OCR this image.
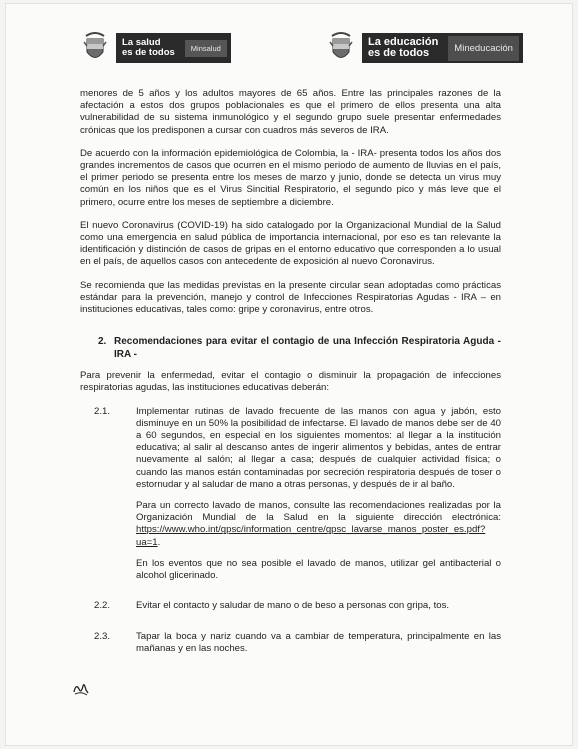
La salud
es de todos	Minsalud	La educación
es de todos	Mineducación

menores de 5 años y los adultos mayores de 65 años. Entre las principales razones de la afectación a estos dos grupos poblacionales es que el primero de ellos presenta una alta vulnerabilidad de su sistema inmunológico y el segundo grupo suele presentar enfermedades crónicas que los predisponen a cursar con cuadros más severos de IRA.

De acuerdo con la información epidemiológica de Colombia, la - IRA- presenta todos los años dos grandes incrementos de casos que ocurren en el mismo periodo de aumento de lluvias en el país, el primer periodo se presenta entre los meses de marzo y junio, donde se detecta un virus muy común en los niños que es el Virus Sincitial Respiratorio, el segundo pico y más leve que el primero, ocurre entre los meses de septiembre a diciembre.

El nuevo Coronavirus (COVID-19) ha sido catalogado por la Organizacional Mundial de la Salud como una emergencia en salud pública de importancia internacional, por eso es tan relevante la identificación y distinción de casos de gripas en el entorno educativo que corresponden a lo usual en el país, de aquellos casos con antecedente de exposición al nuevo Coronavirus.

Se recomienda que las medidas previstas en la presente circular sean adoptadas como prácticas estándar para la prevención, manejo y control de Infecciones Respiratorias Agudas - IRA – en instituciones educativas, tales como: gripe y coronavirus, entre otros.

2. Recomendaciones para evitar el contagio de una Infección Respiratoria Aguda - IRA -

Para prevenir la enfermedad, evitar el contagio o disminuir la propagación de infecciones respiratorias agudas, las instituciones educativas deberán:

2.1.	Implementar rutinas de lavado frecuente de las manos con agua y jabón, esto disminuye en un 50% la posibilidad de infectarse. El lavado de manos debe ser de 40 a 60 segundos, en especial en los siguientes momentos: al llegar a la institución educativa; al salir al descanso antes de ingerir alimentos y bebidas, antes de entrar nuevamente al salón; al llegar a casa; después de cualquier actividad física; o cuando las manos están contaminadas por secreción respiratoria después de toser o estornudar y al saludar de mano a otras personas, y después de ir al baño.

Para un correcto lavado de manos, consulte las recomendaciones realizadas por la Organización Mundial de la Salud en la siguiente dirección electrónica: https://www.who.int/gpsc/information_centre/gpsc_lavarse_manos_poster_es.pdf?ua=1.

En los eventos que no sea posible el lavado de manos, utilizar gel antibacterial o alcohol glicerinado.

2.2.	Evitar el contacto y saludar de mano o de beso a personas con gripa, tos.

2.3.	Tapar la boca y nariz cuando va a cambiar de temperatura, principalmente en las mañanas y en las noches.
